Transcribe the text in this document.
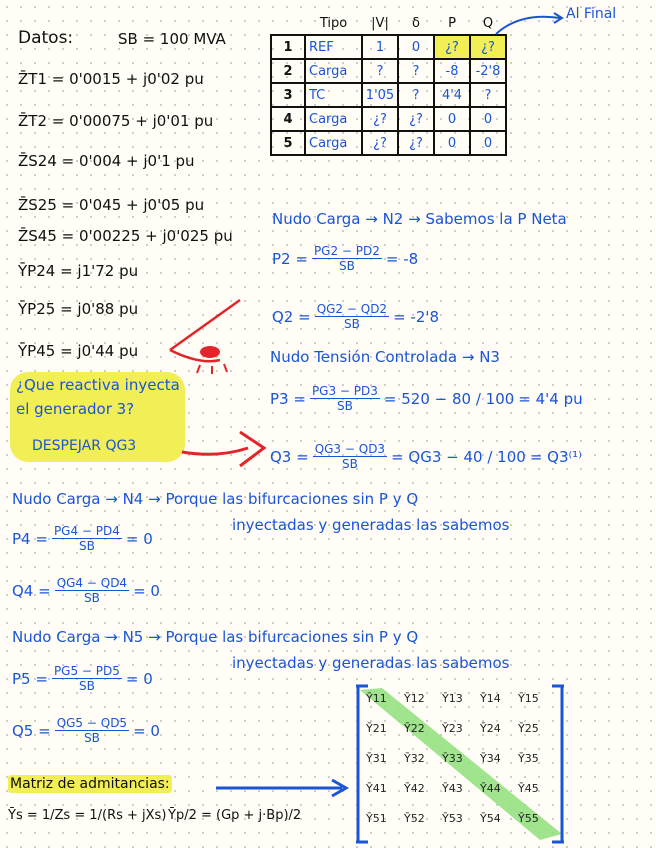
Datos:	SB = 100 MVA
Z̄T1 = 0'0015 + j0'02 pu
Z̄T2 = 0'00075 + j0'01 pu
Z̄S24 = 0'004 + j0'1 pu
Z̄S25 = 0'045 + j0'05 pu
Z̄S45 = 0'00225 + j0'025 pu
ȲP24 = j1'72 pu
ȲP25 = j0'88 pu
ȲP45 = j0'44 pu
	Tipo	|V|	δ	P	Q
1	REF	1	0	¿?	¿?
2	Carga	?	?	-8	-2'8
3	TC	1'05	?	4'4	?
4	Carga	¿?	¿?	0	0
5	Carga	¿?	¿?	0	0
Al Final
Nudo Carga → N2 → Sabemos la P Neta
$P2 = \frac{PG2 - PD2}{SB} = -8$
$Q2 = \frac{QG2 - QD2}{SB} = -2'8$
Nudo Tensión Controlada → N3
$P3 = \frac{PG3 - PD3}{SB} = 520 - 80 / 100 = 4'4$ pu
$Q3 = \frac{QG3 - QD3}{SB} = QG3 - 40 / 100 = Q3^{(1)}$
¿Que reactiva inyecta
el generador 3?
DESPEJAR QG3
Nudo Carga → N4 → Porque las bifurcaciones sin P y Q
inyectadas y generadas las sabemos
$P4 = \frac{PG4 - PD4}{SB} = 0$
$Q4 = \frac{QG4 - QD4}{SB} = 0$
Nudo Carga → N5 → Porque las bifurcaciones sin P y Q
inyectadas y generadas las sabemos
$P5 = \frac{PG5 - PD5}{SB} = 0$
$Q5 = \frac{QG5 - QD5}{SB} = 0$
Matriz de admitancias:
Ȳs = 1/Zs = 1/(Rs + jXs) Ȳp/2 = (Gp + j·Bp)/2
Ȳ11	Ȳ12	Ȳ13	Ȳ14	Ȳ15
Ȳ21	Ȳ22	Ȳ23	Ȳ24	Ȳ25
Ȳ31	Ȳ32	Ȳ33	Ȳ34	Ȳ35
Ȳ41	Ȳ42	Ȳ43	Ȳ44	Ȳ45
Ȳ51	Ȳ52	Ȳ53	Ȳ54	Ȳ55
